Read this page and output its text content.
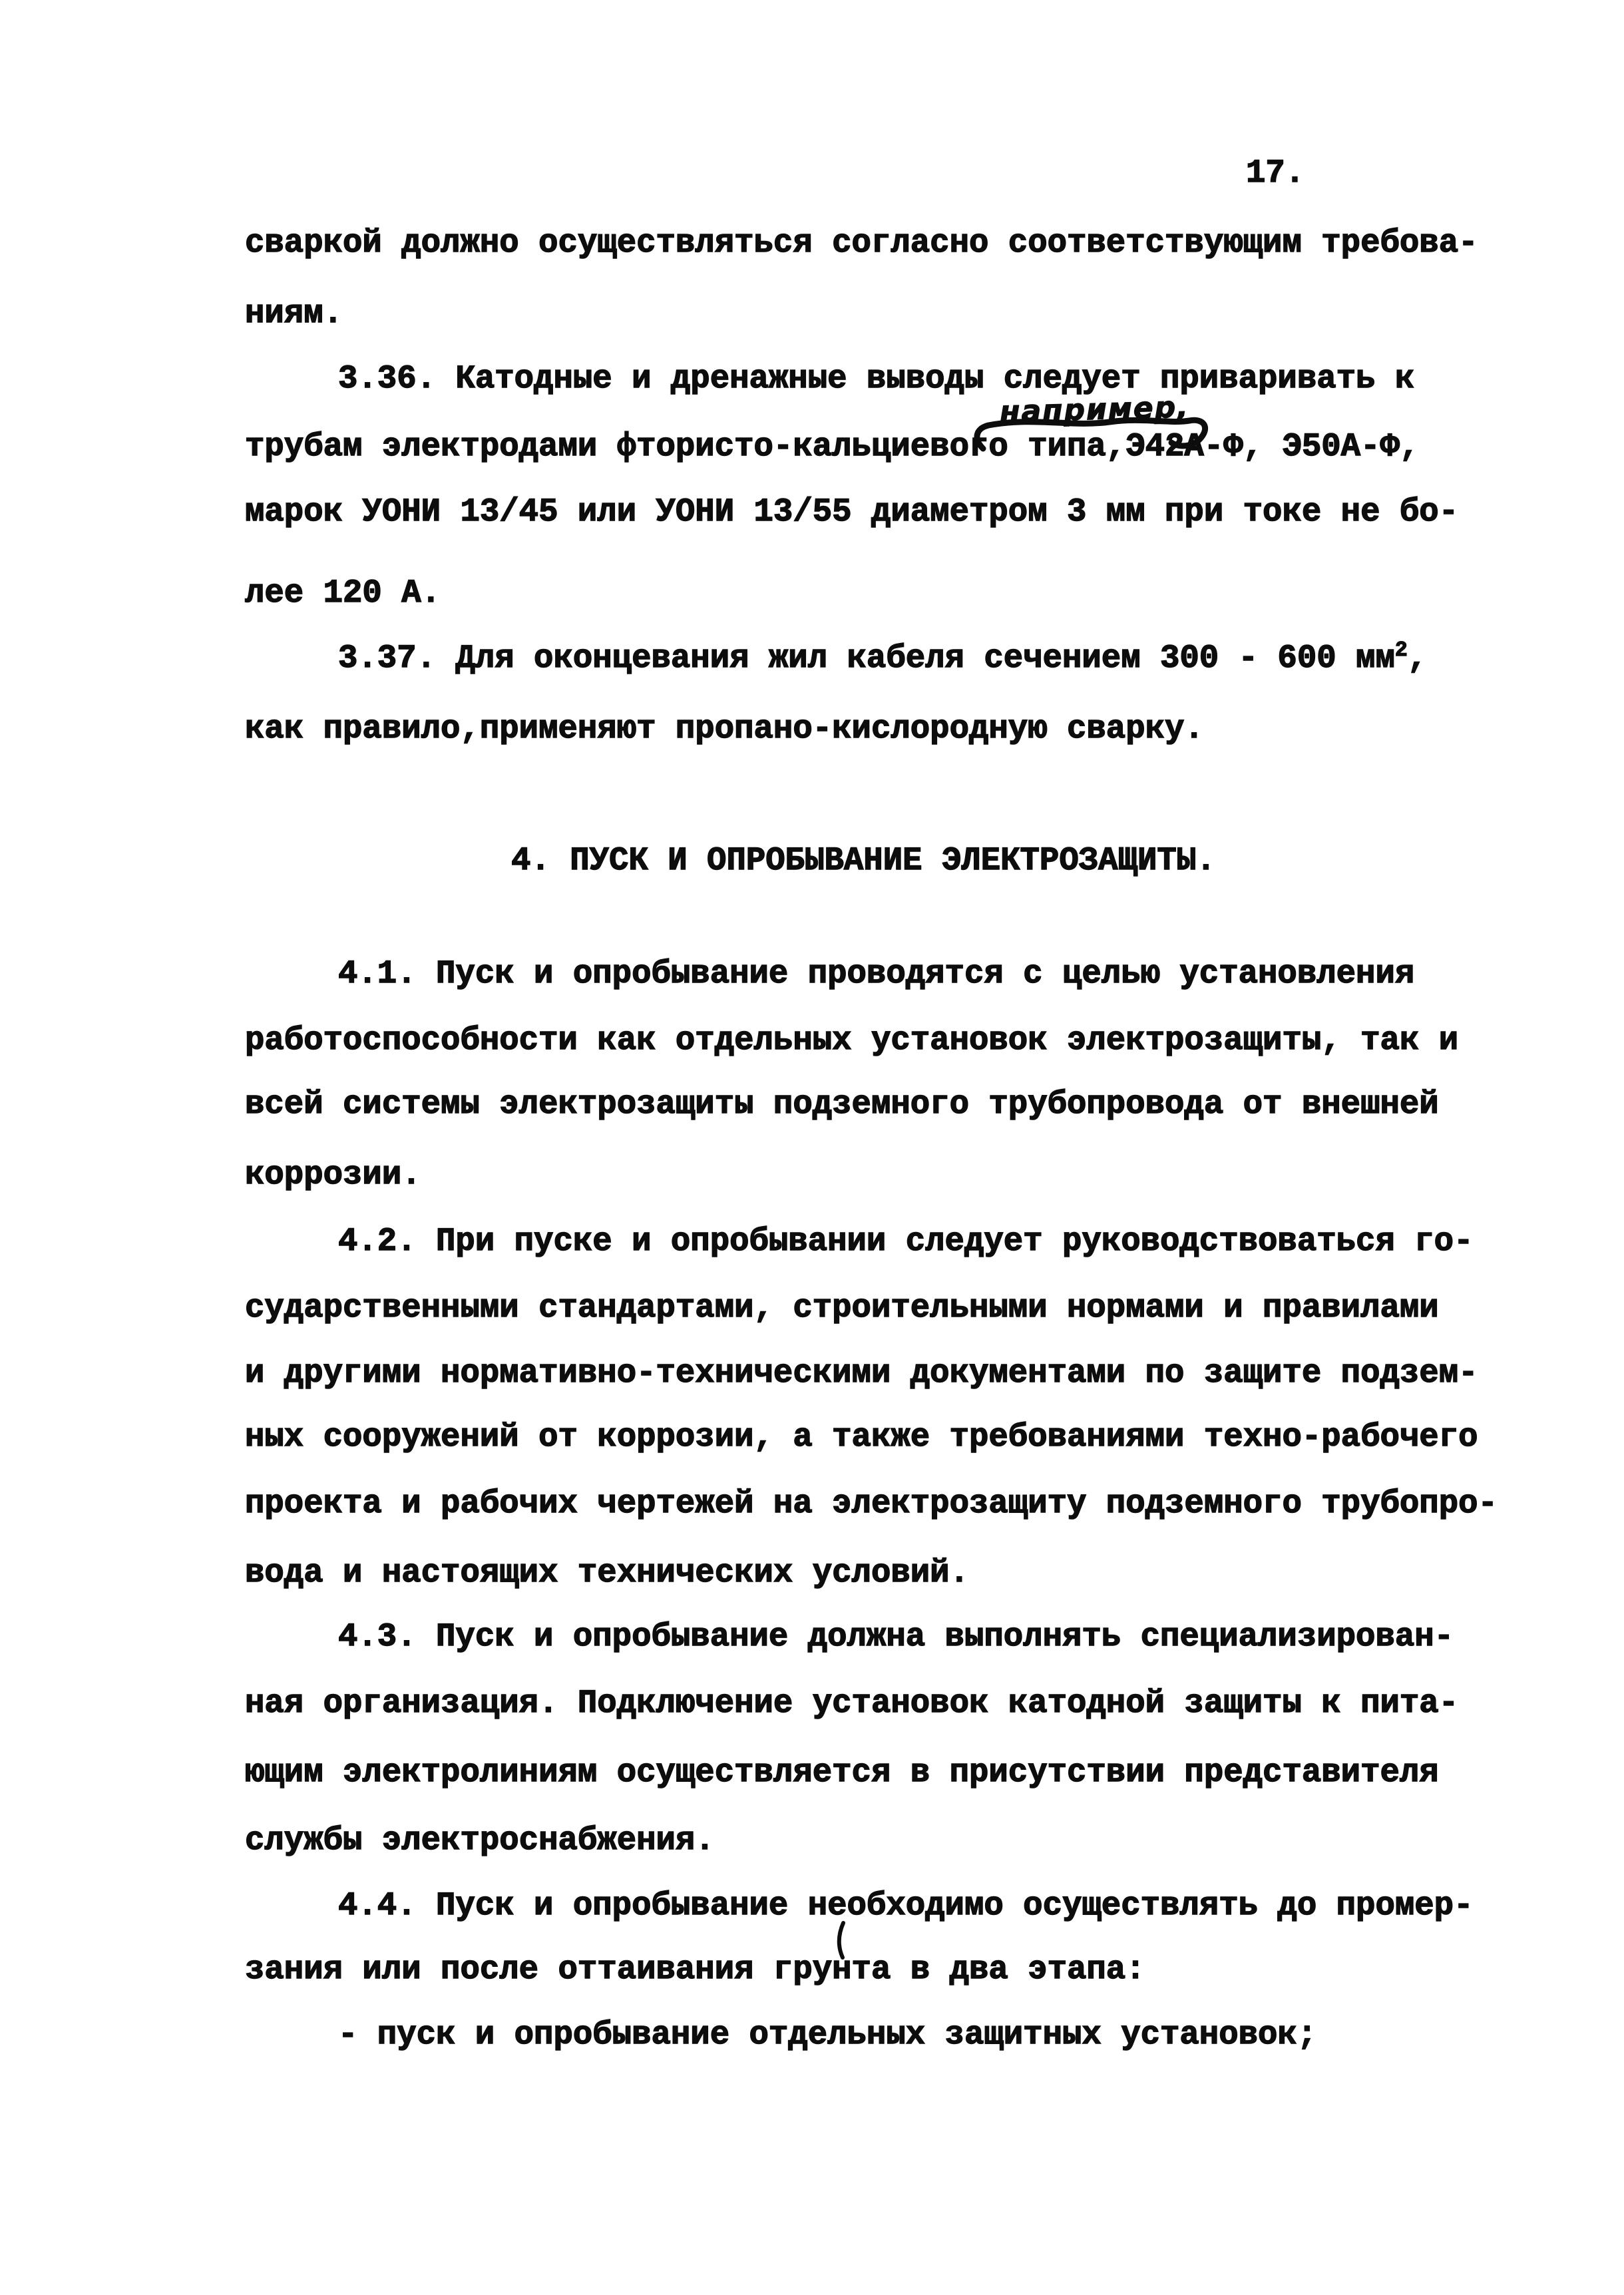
17.
сваркой должно осуществляться согласно соответствующим требова-
ниям.
3.36. Катодные и дренажные выводы следует приваривать к
например,
трубам электродами фтористо-кальциевого типа,Э42А-Ф, Э50А-Ф,
марок УОНИ 13/45 или УОНИ 13/55 диаметром 3 мм при токе не бо-
лее 120 А.
3.37. Для оконцевания жил кабеля сечением 300 - 600 $мм^2$,
как правило,применяют пропано-кислородную сварку.
4. ПУСК И ОПРОБЫВАНИЕ ЭЛЕКТРОЗАЩИТЫ.
4.1. Пуск и опробывание проводятся с целью установления
работоспособности как отдельных установок электрозащиты, так и
всей системы электрозащиты подземного трубопровода от внешней
коррозии.
4.2. При пуске и опробывании следует руководствоваться го-
сударственными стандартами, строительными нормами и правилами
и другими нормативно-техническими документами по защите подзем-
ных сооружений от коррозии, а также требованиями техно-рабочего
проекта и рабочих чертежей на электрозащиту подземного трубопро-
вода и настоящих технических условий.
4.3. Пуск и опробывание должна выполнять специализирован-
ная организация. Подключение установок катодной защиты к пита-
ющим электролиниям осуществляется в присутствии представителя
службы электроснабжения.
4.4. Пуск и опробывание необходимо осуществлять до промер-
зания или после оттаивания грунта в два этапа:
- пуск и опробывание отдельных защитных установок;
